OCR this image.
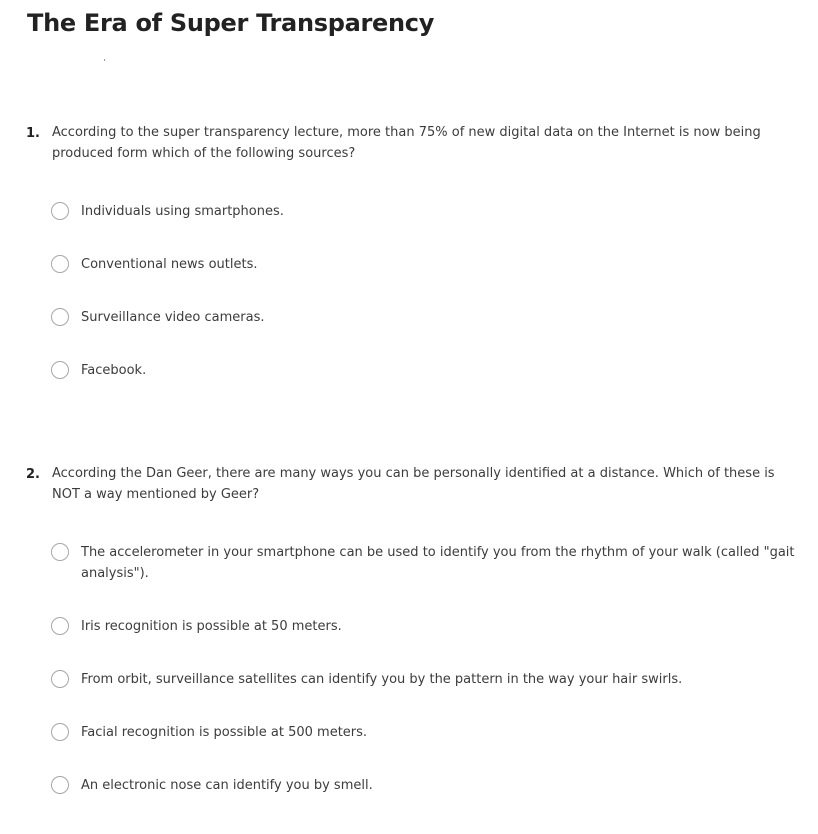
The Era of Super Transparency
1. According to the super transparency lecture, more than 75% of new digital data on the Internet is now being produced form which of the following sources?
Individuals using smartphones.
Conventional news outlets.
Surveillance video cameras.
Facebook.
2. According the Dan Geer, there are many ways you can be personally identified at a distance. Which of these is NOT a way mentioned by Geer?
The accelerometer in your smartphone can be used to identify you from the rhythm of your walk (called "gait analysis").
Iris recognition is possible at 50 meters.
From orbit, surveillance satellites can identify you by the pattern in the way your hair swirls.
Facial recognition is possible at 500 meters.
An electronic nose can identify you by smell.
